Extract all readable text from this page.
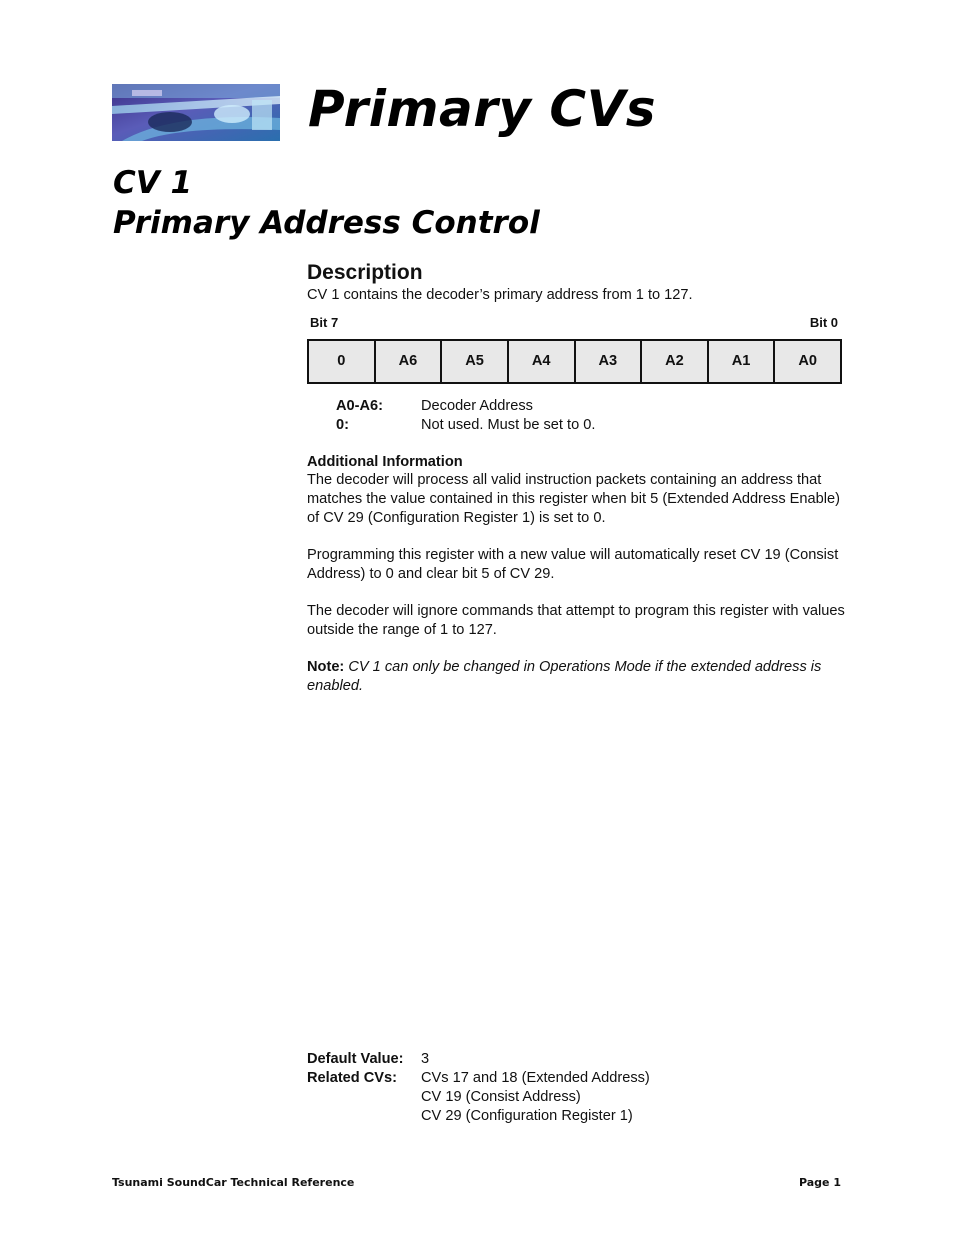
Primary CVs
CV 1
Primary Address Control
Description

CV 1 contains the decoder’s primary address from 1 to 127.

Bit 7	Bit 0
0	A6	A5	A4	A3	A2	A1	A0
A0-A6:	Decoder Address
0:	Not used. Must be set to 0.
Additional Information

The decoder will process all valid instruction packets containing an address that matches the value contained in this register when bit 5 (Extended Address Enable) of CV 29 (Configuration Register 1) is set to 0.

Programming this register with a new value will automatically reset CV 19 (Consist Address) to 0 and clear bit 5 of CV 29.

The decoder will ignore commands that attempt to program this register with values outside the range of 1 to 127.

Note: CV 1 can only be changed in Operations Mode if the extended address is enabled.

Default Value:	3
Related CVs:	CVs 17 and 18 (Extended Address)
CV 19 (Consist Address)
CV 29 (Configuration Register 1)
Tsunami SoundCar Technical Reference	Page 1
